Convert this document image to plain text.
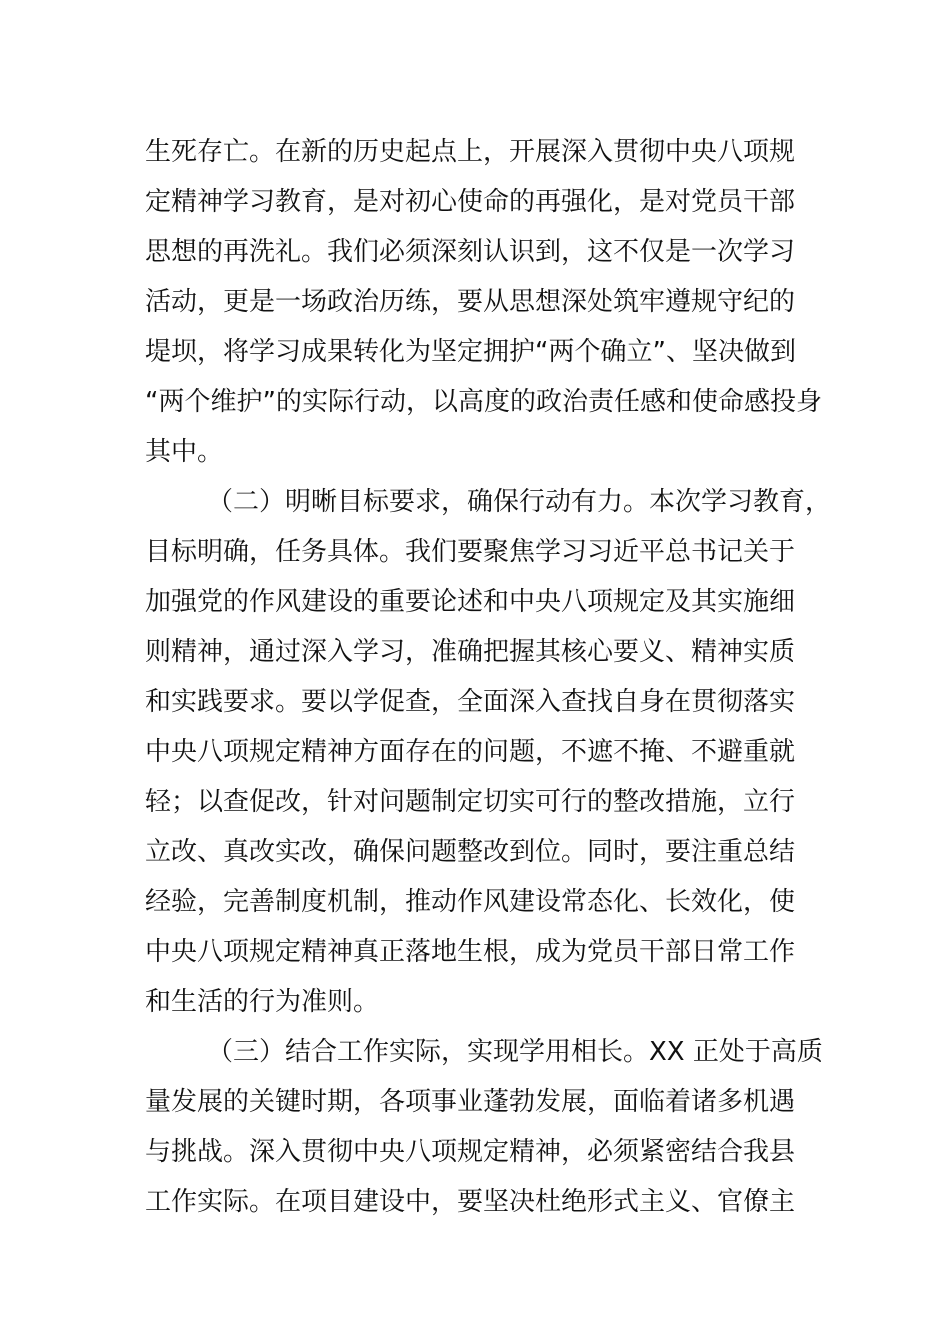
生死存亡。在新的历史起点上，开展深入贯彻中央八项规
定精神学习教育，是对初心使命的再强化，是对党员干部
思想的再洗礼。我们必须深刻认识到，这不仅是一次学习
活动，更是一场政治历练，要从思想深处筑牢遵规守纪的
堤坝，将学习成果转化为坚定拥护“两个确立”、坚决做到
“两个维护”的实际行动，以高度的政治责任感和使命感投身
其中。
（二）明晰目标要求，确保行动有力。本次学习教育，
目标明确，任务具体。我们要聚焦学习习近平总书记关于
加强党的作风建设的重要论述和中央八项规定及其实施细
则精神，通过深入学习，准确把握其核心要义、精神实质
和实践要求。要以学促查，全面深入查找自身在贯彻落实
中央八项规定精神方面存在的问题，不遮不掩、不避重就
轻；以查促改，针对问题制定切实可行的整改措施，立行
立改、真改实改，确保问题整改到位。同时，要注重总结
经验，完善制度机制，推动作风建设常态化、长效化，使
中央八项规定精神真正落地生根，成为党员干部日常工作
和生活的行为准则。
（三）结合工作实际，实现学用相长。XX 正处于高质
量发展的关键时期，各项事业蓬勃发展，面临着诸多机遇
与挑战。深入贯彻中央八项规定精神，必须紧密结合我县
工作实际。在项目建设中，要坚决杜绝形式主义、官僚主
